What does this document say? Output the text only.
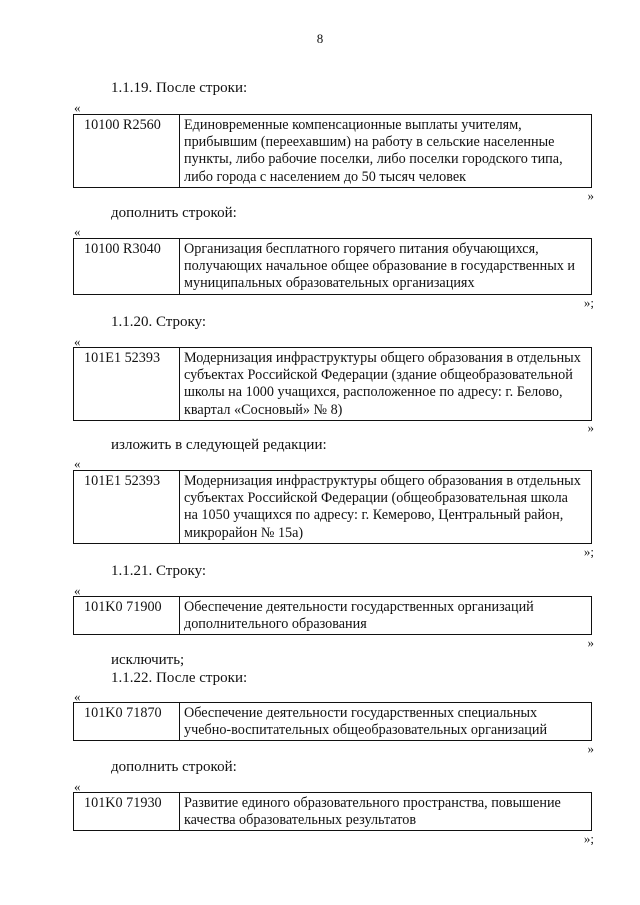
8
1.1.19. После строки:
«
10100 R2560	Единовременные компенсационные выплаты учителям,
прибывшим (переехавшим) на работу в сельские населенные
пункты, либо рабочие поселки, либо поселки городского типа,
либо города с населением до 50 тысяч человек
»
дополнить строкой:
«
10100 R3040	Организация бесплатного горячего питания обучающихся,
получающих начальное общее образование в государственных и
муниципальных образовательных организациях
»;
1.1.20. Строку:
«
101E1 52393	Модернизация инфраструктуры общего образования в отдельных
субъектах Российской Федерации (здание общеобразовательной
школы на 1000 учащихся, расположенное по адресу: г. Белово,
квартал «Сосновый» № 8)
»
изложить в следующей редакции:
«
101E1 52393	Модернизация инфраструктуры общего образования в отдельных
субъектах Российской Федерации (общеобразовательная школа
на 1050 учащихся по адресу: г. Кемерово, Центральный район,
микрорайон № 15а)
»;
1.1.21. Строку:
«
101K0 71900	Обеспечение деятельности государственных организаций
дополнительного образования
»
исключить;
1.1.22. После строки:
«
101K0 71870	Обеспечение деятельности государственных специальных
учебно-воспитательных общеобразовательных организаций
»
дополнить строкой:
«
101K0 71930	Развитие единого образовательного пространства, повышение
качества образовательных результатов
»;
